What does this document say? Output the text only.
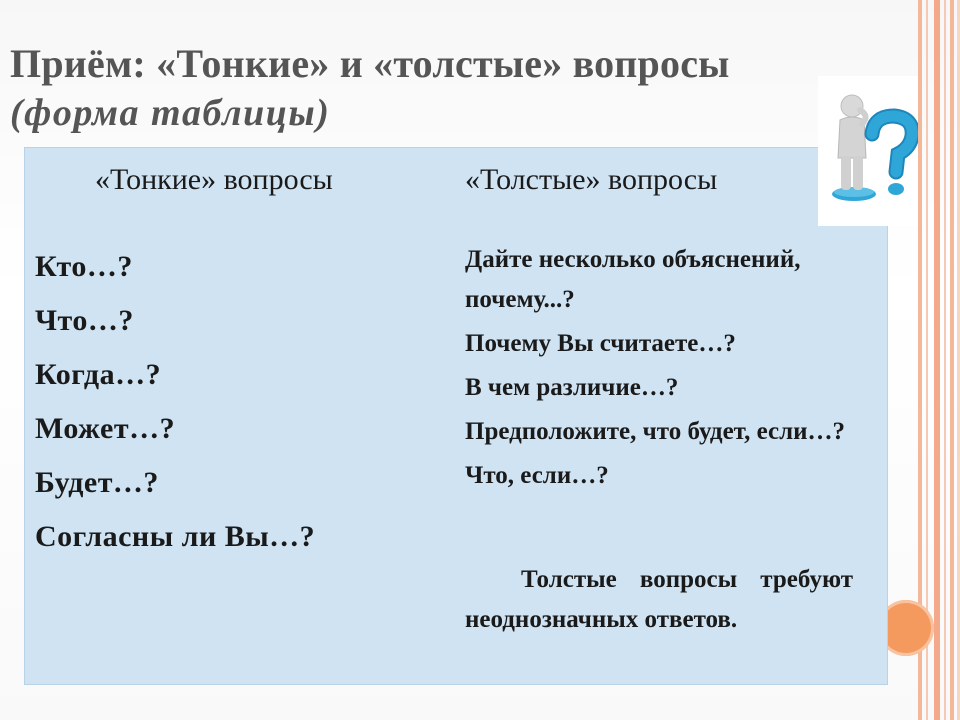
Приём: «Тонкие» и «толстые» вопросы
(форма таблицы)
«Тонкие» вопросы	«Толстые» вопросы
Кто…?
Что…?
Когда…?
Может…?
Будет…?
Согласны ли Вы…?
Дайте несколько объяснений, почему...?
Почему Вы считаете…?
В чем различие…?
Предположите, что будет, если…?
Что, если…?
Толстые вопросы требуют неоднозначных ответов.
